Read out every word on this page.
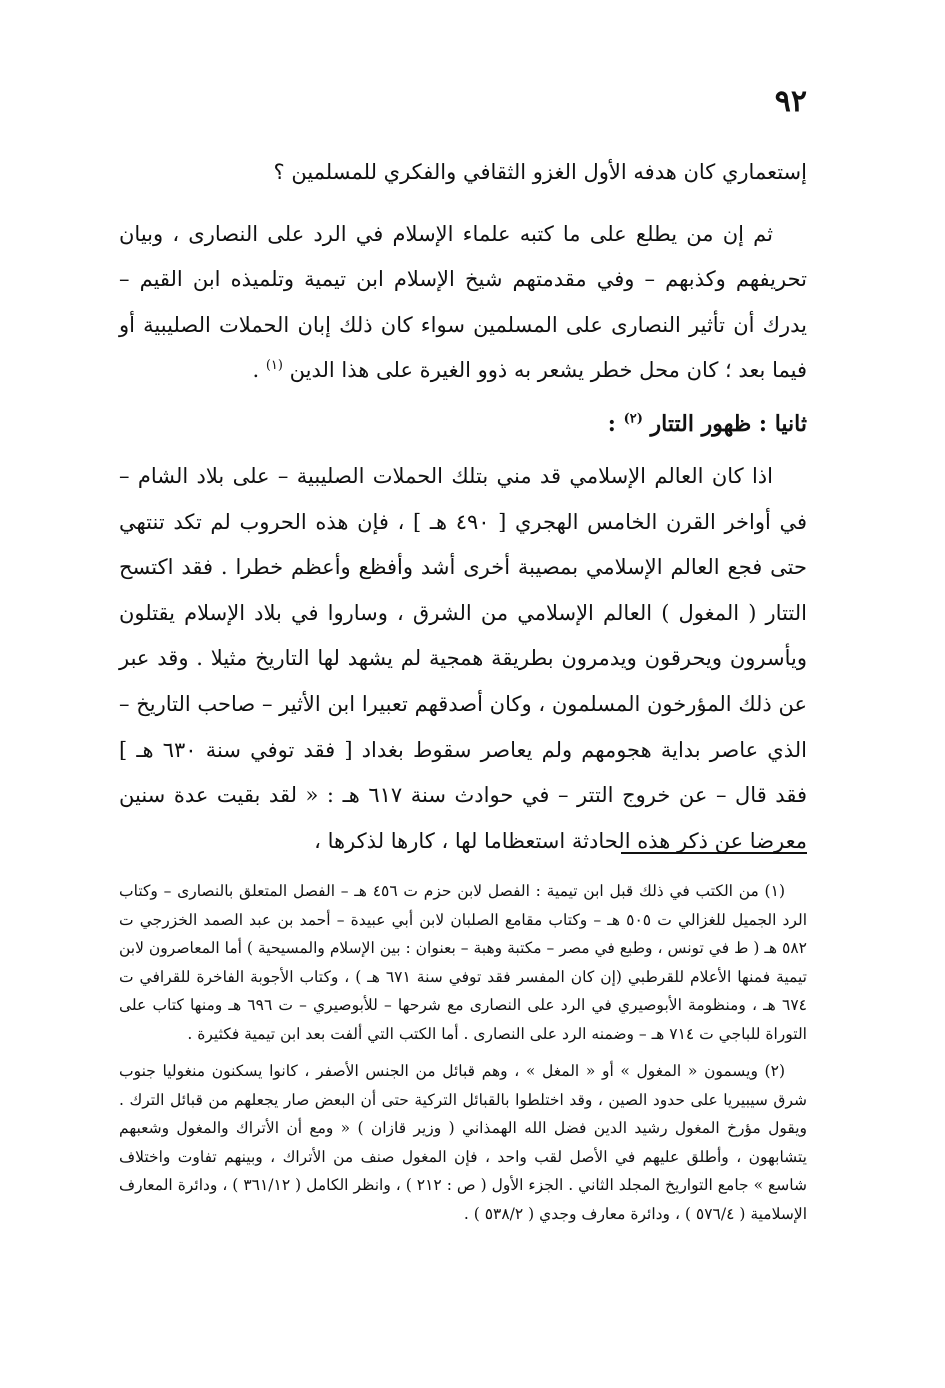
٩٢

إستعماري كان هدفه الأول الغزو الثقافي والفكري للمسلمين ؟

ثم إن من يطلع على ما كتبه علماء الإسلام في الرد على النصارى ، وبيان تحريفهم وكذبهم – وفي مقدمتهم شيخ الإسلام ابن تيمية وتلميذه ابن القيم – يدرك أن تأثير النصارى على المسلمين سواء كان ذلك إبان الحملات الصليبية أو فيما بعد ؛ كان محل خطر يشعر به ذوو الغيرة على هذا الدين $^{(١)}$ .

ثانيا : ظهور التتار $^{(٢)}$ :

اذا كان العالم الإسلامي قد مني بتلك الحملات الصليبية – على بلاد الشام – في أواخر القرن الخامس الهجري [ ٤٩٠ هـ ] ، فإن هذه الحروب لم تكد تنتهي حتى فجع العالم الإسلامي بمصيبة أخرى أشد وأفظع وأعظم خطرا . فقد اكتسح التتار ( المغول ) العالم الإسلامي من الشرق ، وساروا في بلاد الإسلام يقتلون ويأسرون ويحرقون ويدمرون بطريقة همجية لم يشهد لها التاريخ مثيلا . وقد عبر عن ذلك المؤرخون المسلمون ، وكان أصدقهم تعبيرا ابن الأثير – صاحب التاريخ – الذي عاصر بداية هجومهم ولم يعاصر سقوط بغداد [ فقد توفي سنة ٦٣٠ هـ ] فقد قال – عن خروج التتر – في حوادث سنة ٦١٧ هـ : « لقد بقيت عدة سنين معرضا عن ذكر هذه الحادثة استعظاما لها ، كارها لذكرها ،

(١) من الكتب في ذلك قبل ابن تيمية : الفصل لابن حزم ت ٤٥٦ هـ – الفصل المتعلق بالنصارى – وكتاب الرد الجميل للغزالي ت ٥٠٥ هـ – وكتاب مقامع الصلبان لابن أبي عبيدة – أحمد بن عبد الصمد الخزرجي ت ٥٨٢ هـ ( ط في تونس ، وطبع في مصر – مكتبة وهبة – بعنوان : بين الإسلام والمسيحية ) أما المعاصرون لابن تيمية فمنها الأعلام للقرطبي (إن كان المفسر فقد توفي سنة ٦٧١ هـ ) ، وكتاب الأجوبة الفاخرة للقرافي ت ٦٧٤ هـ ، ومنظومة الأبوصيري في الرد على النصارى مع شرحها – للأبوصيري – ت ٦٩٦ هـ ومنها كتاب على التوراة للباجي ت ٧١٤ هـ – وضمنه الرد على النصارى . أما الكتب التي ألفت بعد ابن تيمية فكثيرة .

(٢) ويسمون « المغول » أو « المغل » ، وهم قبائل من الجنس الأصفر ، كانوا يسكنون منغوليا جنوب شرق سيبيريا على حدود الصين ، وقد اختلطوا بالقبائل التركية حتى أن البعض صار يجعلهم من قبائل الترك . ويقول مؤرخ المغول رشيد الدين فضل الله الهمذاني ( وزير قازان ) « ومع أن الأتراك والمغول وشعبهم يتشابهون ، وأطلق عليهم في الأصل لقب واحد ، فإن المغول صنف من الأتراك ، وبينهم تفاوت واختلاف شاسع » جامع التواريخ المجلد الثاني . الجزء الأول ( ص : ٢١٢ ) ، وانظر الكامل ( ٣٦١/١٢ ) ، ودائرة المعارف الإسلامية ( ٥٧٦/٤ ) ، ودائرة معارف وجدي ( ٥٣٨/٢ ) .
